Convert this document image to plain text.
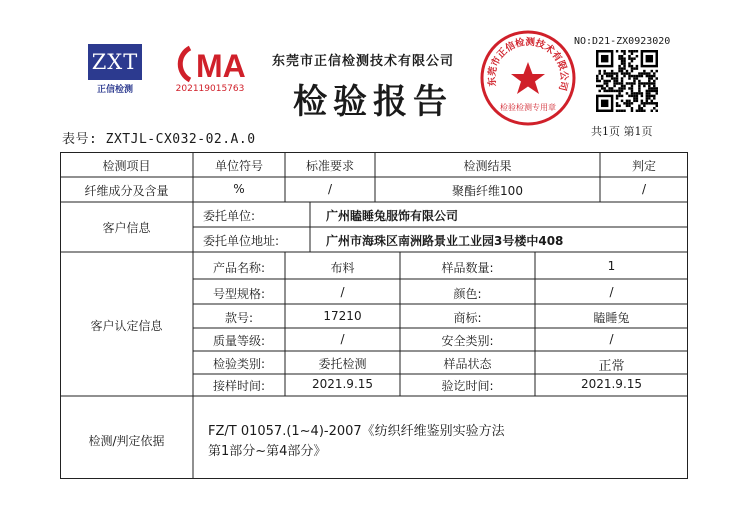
ZXT
正信检测
MA
202119015763
东莞市正信检测技术有限公司
检验报告
东莞市正信检测技术有限公司
检验检测专用章
NO:D21-ZX0923020
共1页 第1页
表号: ZXTJL-CX032-02.A.0
检测项目	单位符号	标准要求	检测结果	判定
纤维成分及含量	%	/	聚酯纤维100	/
客户信息
委托单位:	广州瞌睡兔服饰有限公司
委托单位地址:	广州市海珠区南洲路景业工业园3号楼中408
客户认定信息
产品名称:	布料	样品数量:	1
号型规格:	/	颜色:	/
款号:	17210	商标:	瞌睡兔
质量等级:	/	安全类别:	/
检验类别:	委托检测	样品状态	正常
接样时间:	2021.9.15	验讫时间:	2021.9.15
检测/判定依据
FZ/T 01057.(1~4)-2007《纺织纤维鉴别实验方法
第1部分~第4部分》
